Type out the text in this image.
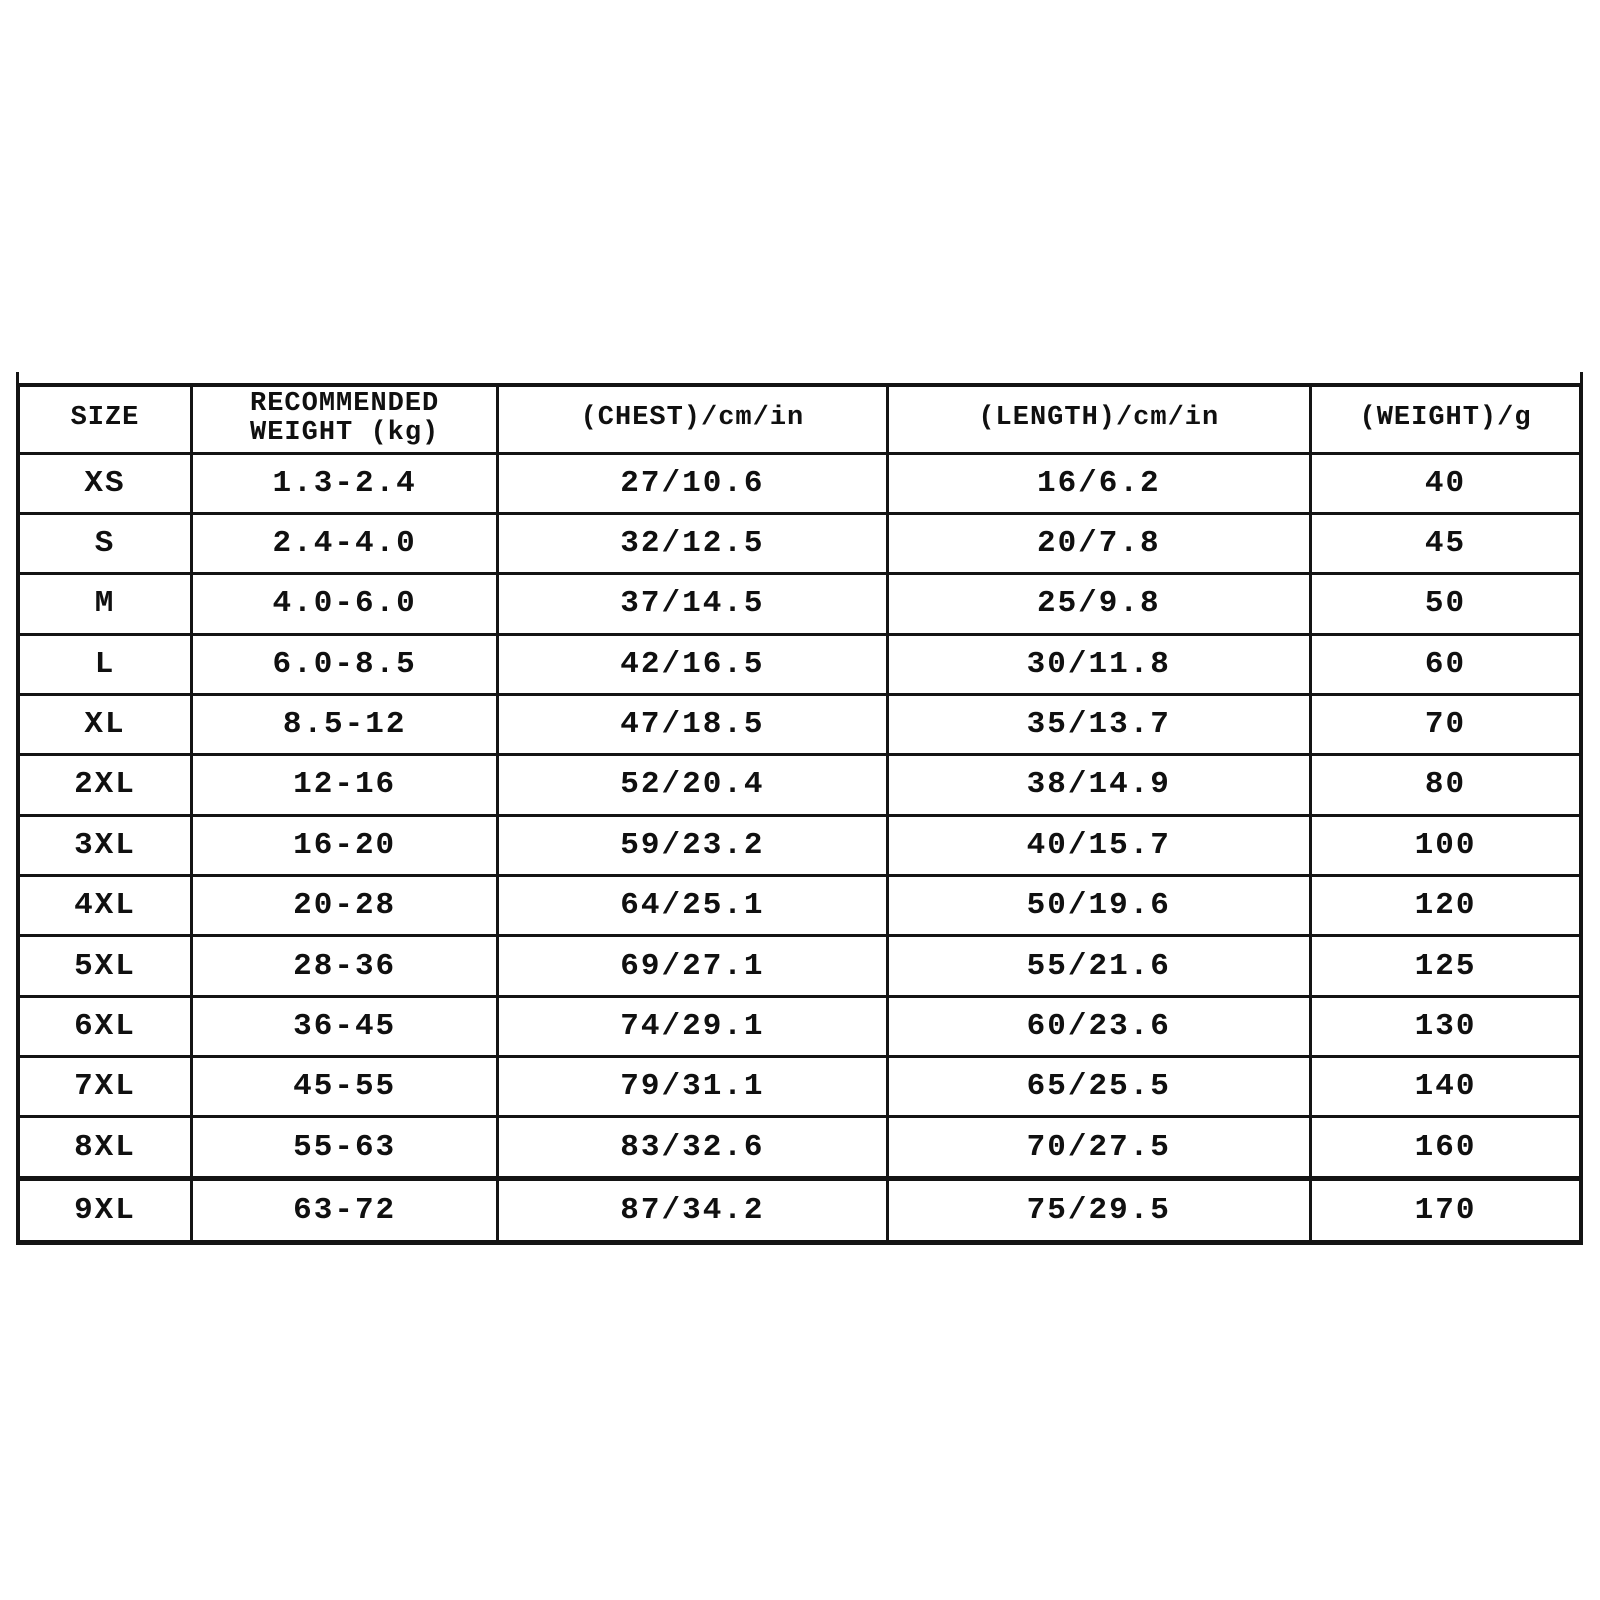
SIZE	RECOMMENDED WEIGHT (kg)	(CHEST)/cm/in	(LENGTH)/cm/in	(WEIGHT)/g
XS	1.3-2.4	27/10.6	16/6.2	40
S	2.4-4.0	32/12.5	20/7.8	45
M	4.0-6.0	37/14.5	25/9.8	50
L	6.0-8.5	42/16.5	30/11.8	60
XL	8.5-12	47/18.5	35/13.7	70
2XL	12-16	52/20.4	38/14.9	80
3XL	16-20	59/23.2	40/15.7	100
4XL	20-28	64/25.1	50/19.6	120
5XL	28-36	69/27.1	55/21.6	125
6XL	36-45	74/29.1	60/23.6	130
7XL	45-55	79/31.1	65/25.5	140
8XL	55-63	83/32.6	70/27.5	160
9XL	63-72	87/34.2	75/29.5	170
